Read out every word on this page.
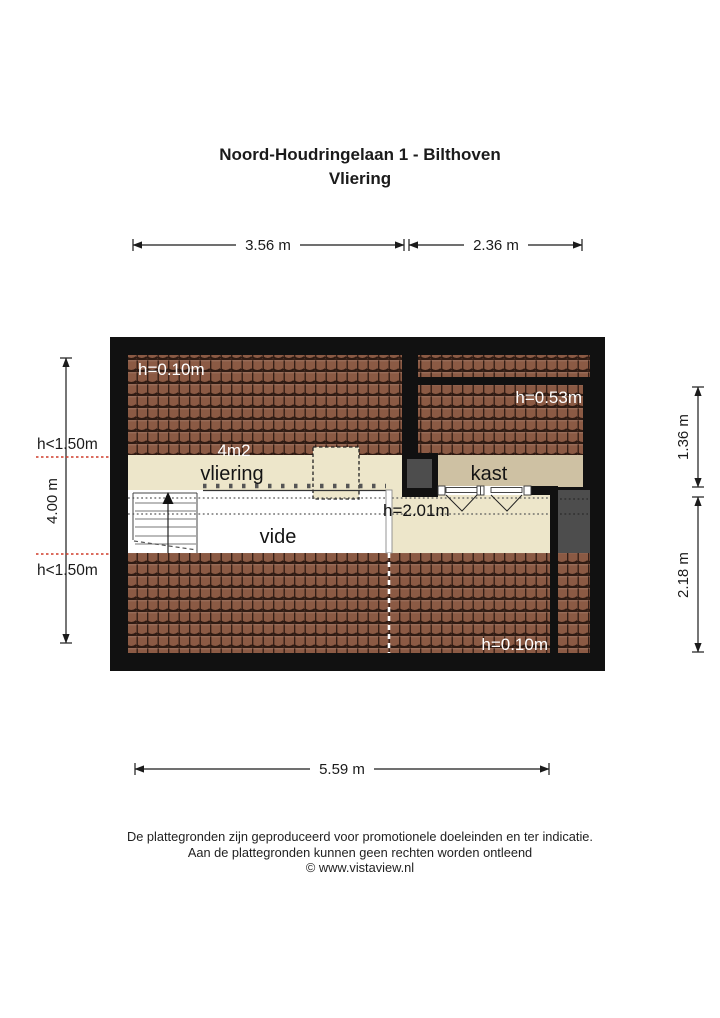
Noord-Houdringelaan 1 - Bilthoven
Vliering
3.56 m	2.36 m
4.00 m
1.36 m
2.18 m
h<1.50m
h<1.50m
h=0.10m
4m2
vliering
h=0.53m
kast
h=2.01m
vide
h=0.10m
5.59 m
De plattegronden zijn geproduceerd voor promotionele doeleinden en ter indicatie.
Aan de plattegronden kunnen geen rechten worden ontleend
© www.vistaview.nl
